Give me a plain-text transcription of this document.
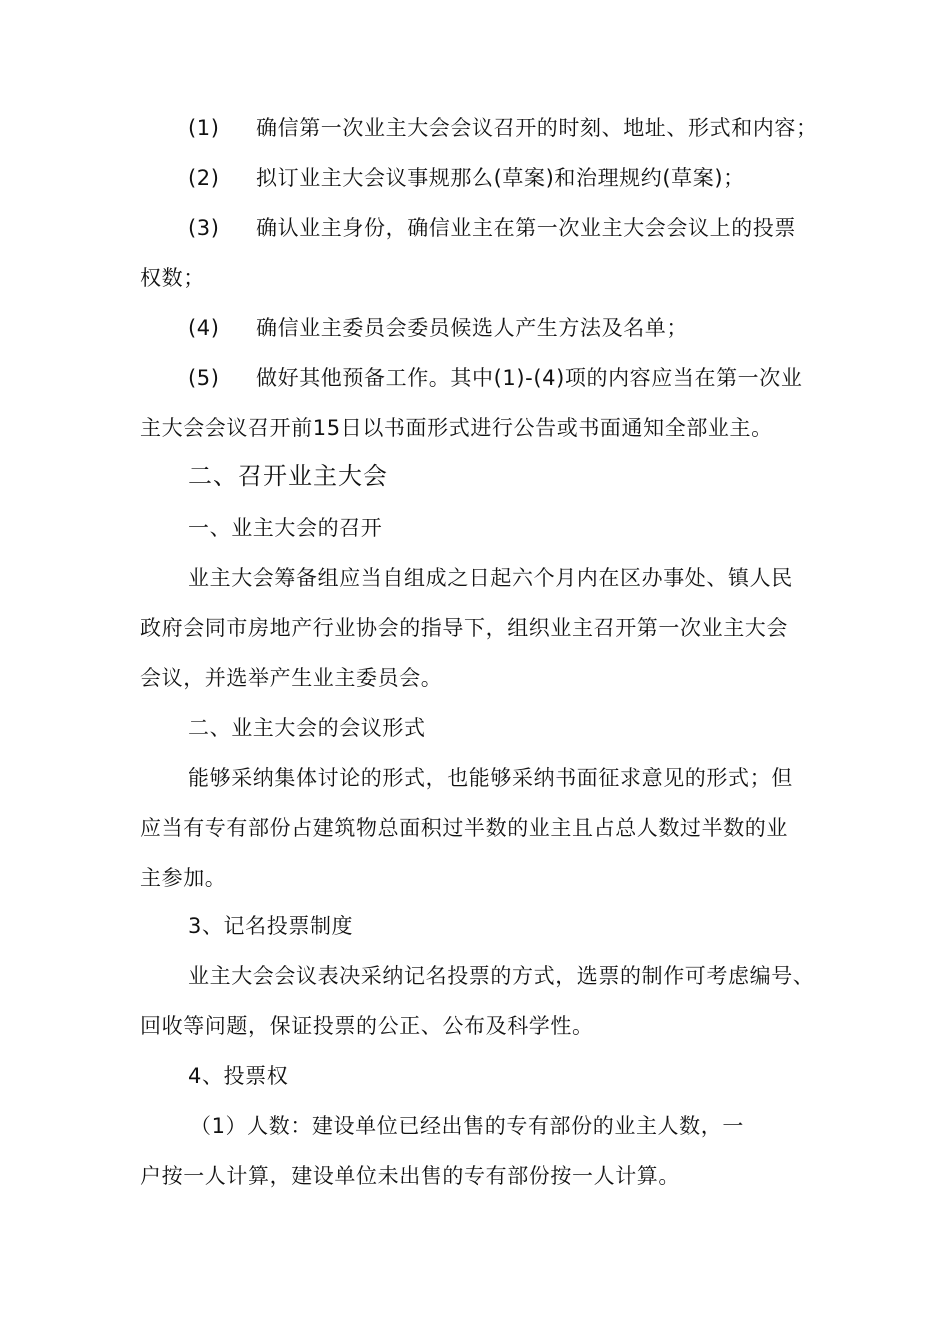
(1) 确信第一次业主大会会议召开的时刻、地址、形式和内容；
(2) 拟订业主大会议事规那么(草案)和治理规约(草案)；
(3) 确认业主身份，确信业主在第一次业主大会会议上的投票
权数；
(4) 确信业主委员会委员候选人产生方法及名单；
(5) 做好其他预备工作。其中(1)-(4)项的内容应当在第一次业
主大会会议召开前15日以书面形式进行公告或书面通知全部业主。
二、召开业主大会
一、业主大会的召开
业主大会筹备组应当自组成之日起六个月内在区办事处、镇人民
政府会同市房地产行业协会的指导下，组织业主召开第一次业主大会
会议，并选举产生业主委员会。
二、业主大会的会议形式
能够采纳集体讨论的形式，也能够采纳书面征求意见的形式；但
应当有专有部份占建筑物总面积过半数的业主且占总人数过半数的业
主参加。
3、记名投票制度
业主大会会议表决采纳记名投票的方式，选票的制作可考虑编号、
回收等问题，保证投票的公正、公布及科学性。
4、投票权
（1）人数：建设单位已经出售的专有部份的业主人数，一
户按一人计算，建设单位未出售的专有部份按一人计算。
